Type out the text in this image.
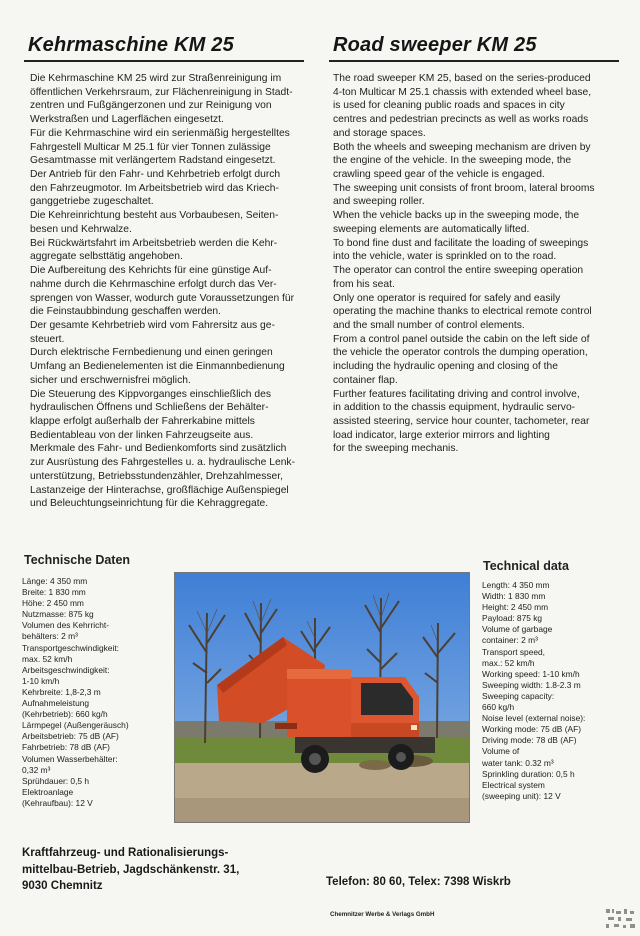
Kehrmaschine KM 25	Road sweeper KM 25

Die Kehrmaschine KM 25 wird zur Straßenreinigung im

öffentlichen Verkehrsraum, zur Flächenreinigung in Stadt-

zentren und Fußgängerzonen und zur Reinigung von

Werkstraßen und Lagerflächen eingesetzt.

Für die Kehrmaschine wird ein serienmäßig hergestelltes

Fahrgestell Multicar M 25.1 für vier Tonnen zulässige

Gesamtmasse mit verlängertem Radstand eingesetzt.

Der Antrieb für den Fahr- und Kehrbetrieb erfolgt durch

den Fahrzeugmotor. Im Arbeitsbetrieb wird das Kriech-

ganggetriebe zugeschaltet.

Die Kehreinrichtung besteht aus Vorbaubesen, Seiten-

besen und Kehrwalze.

Bei Rückwärtsfahrt im Arbeitsbetrieb werden die Kehr-

aggregate selbsttätig angehoben.

Die Aufbereitung des Kehrichts für eine günstige Auf-

nahme durch die Kehrmaschine erfolgt durch das Ver-

sprengen von Wasser, wodurch gute Voraussetzungen für

die Feinstaubbindung geschaffen werden.

Der gesamte Kehrbetrieb wird vom Fahrersitz aus ge-

steuert.

Durch elektrische Fernbedienung und einen geringen

Umfang an Bedienelementen ist die Einmannbedienung

sicher und erschwernisfrei möglich.

Die Steuerung des Kippvorganges einschließlich des

hydraulischen Öffnens und Schließens der Behälter-

klappe erfolgt außerhalb der Fahrerkabine mittels

Bedientableau von der linken Fahrzeugseite aus.

Merkmale des Fahr- und Bedienkomforts sind zusätzlich

zur Ausrüstung des Fahrgestelles u. a. hydraulische Lenk-

unterstützung, Betriebsstundenzähler, Drehzahlmesser,

Lastanzeige der Hinterachse, großflächige Außenspiegel

und Beleuchtungseinrichtung für die Kehraggregate.

The road sweeper KM 25, based on the series-produced

4-ton Multicar M 25.1 chassis with extended wheel base,

is used for cleaning public roads and spaces in city

centres and pedestrian precincts as well as works roads

and storage spaces.

Both the wheels and sweeping mechanism are driven by

the engine of the vehicle. In the sweeping mode, the

crawling speed gear of the vehicle is engaged.

The sweeping unit consists of front broom, lateral brooms

and sweeping roller.

When the vehicle backs up in the sweeping mode, the

sweeping elements are automatically lifted.

To bond fine dust and facilitate the loading of sweepings

into the vehicle, water is sprinkled on to the road.

The operator can control the entire sweeping operation

from his seat.

Only one operator is required for safely and easily

operating the machine thanks to electrical remote control

and the small number of control elements.

From a control panel outside the cabin on the left side of

the vehicle the operator controls the dumping operation,

including the hydraulic opening and closing of the

container flap.

Further features facilitating driving and control involve,

in addition to the chassis equipment, hydraulic servo-

assisted steering, service hour counter, tachometer, rear

load indicator, large exterior mirrors and lighting

for the sweeping mechanis.

Technische Daten

Länge: 4 350 mm

Breite: 1 830 mm

Höhe: 2 450 mm

Nutzmasse: 875 kg

Volumen des Kehrricht-

behälters: 2 m³

Transportgeschwindigkeit:

max. 52 km/h

Arbeitsgeschwindigkeit:

1-10 km/h

Kehrbreite: 1,8-2,3 m

Aufnahmeleistung

(Kehrbetrieb): 660 kg/h

Lärmpegel (Außengeräusch)

Arbeitsbetrieb: 75 dB (AF)

Fahrbetrieb: 78 dB (AF)

Volumen Wasserbehälter:

0,32 m³

Sprühdauer: 0,5 h

Elektroanlage

(Kehraufbau): 12 V

Technical data

Length: 4 350 mm

Width: 1 830 mm

Height: 2 450 mm

Payload: 875 kg

Volume of garbage

container: 2 m³

Transport speed,

max.: 52 km/h

Working speed: 1-10 km/h

Sweeping width: 1.8-2.3 m

Sweeping capacity:

660 kg/h

Noise level (external noise):

Working mode: 75 dB (AF)

Driving mode: 78 dB (AF)

Volume of

water tank: 0.32 m³

Sprinkling duration: 0,5 h

Electrical system

(sweeping unit): 12 V

Kraftfahrzeug- und Rationalisierungs-

mittelbau-Betrieb, Jagdschänkenstr. 31,

9030 Chemnitz	Telefon: 80 60, Telex: 7398 Wiskrb

Chemnitzer Werbe & Verlags GmbH
